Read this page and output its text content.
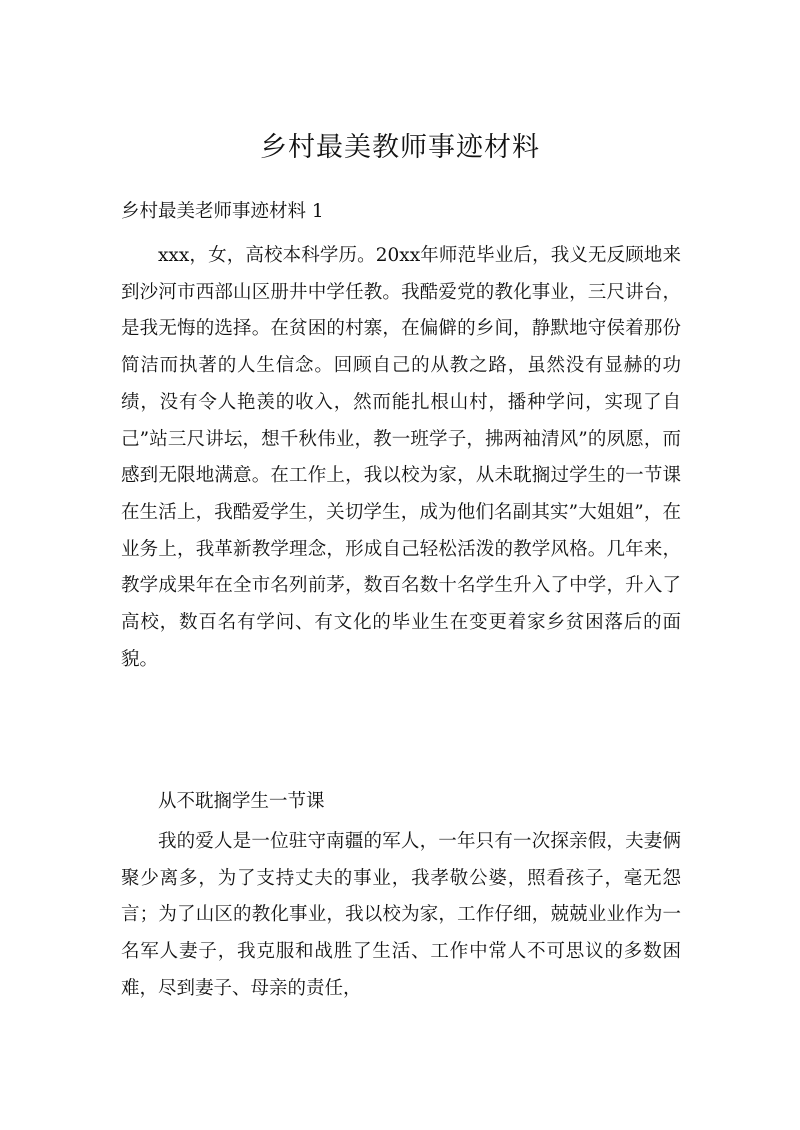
乡村最美教师事迹材料

乡村最美老师事迹材料 1

xxx，女，高校本科学历。20xx年师范毕业后，我义无反顾地来到沙河市西部山区册井中学任教。我酷爱党的教化事业，三尺讲台，是我无悔的选择。在贫困的村寨，在偏僻的乡间，静默地守侯着那份简洁而执著的人生信念。回顾自己的从教之路，虽然没有显赫的功绩，没有令人艳羡的收入，然而能扎根山村，播种学问，实现了自己”站三尺讲坛，想千秋伟业，教一班学子，拂两袖清风”的夙愿，而感到无限地满意。在工作上，我以校为家，从未耽搁过学生的一节课在生活上，我酷爱学生，关切学生，成为他们名副其实”大姐姐”，在业务上，我革新教学理念，形成自己轻松活泼的教学风格。几年来，教学成果年在全市名列前茅，数百名数十名学生升入了中学，升入了高校，数百名有学问、有文化的毕业生在变更着家乡贫困落后的面貌。

从不耽搁学生一节课

我的爱人是一位驻守南疆的军人，一年只有一次探亲假，夫妻俩聚少离多，为了支持丈夫的事业，我孝敬公婆，照看孩子，毫无怨言；为了山区的教化事业，我以校为家，工作仔细，兢兢业业作为一名军人妻子，我克服和战胜了生活、工作中常人不可思议的多数困难，尽到妻子、母亲的责任，
